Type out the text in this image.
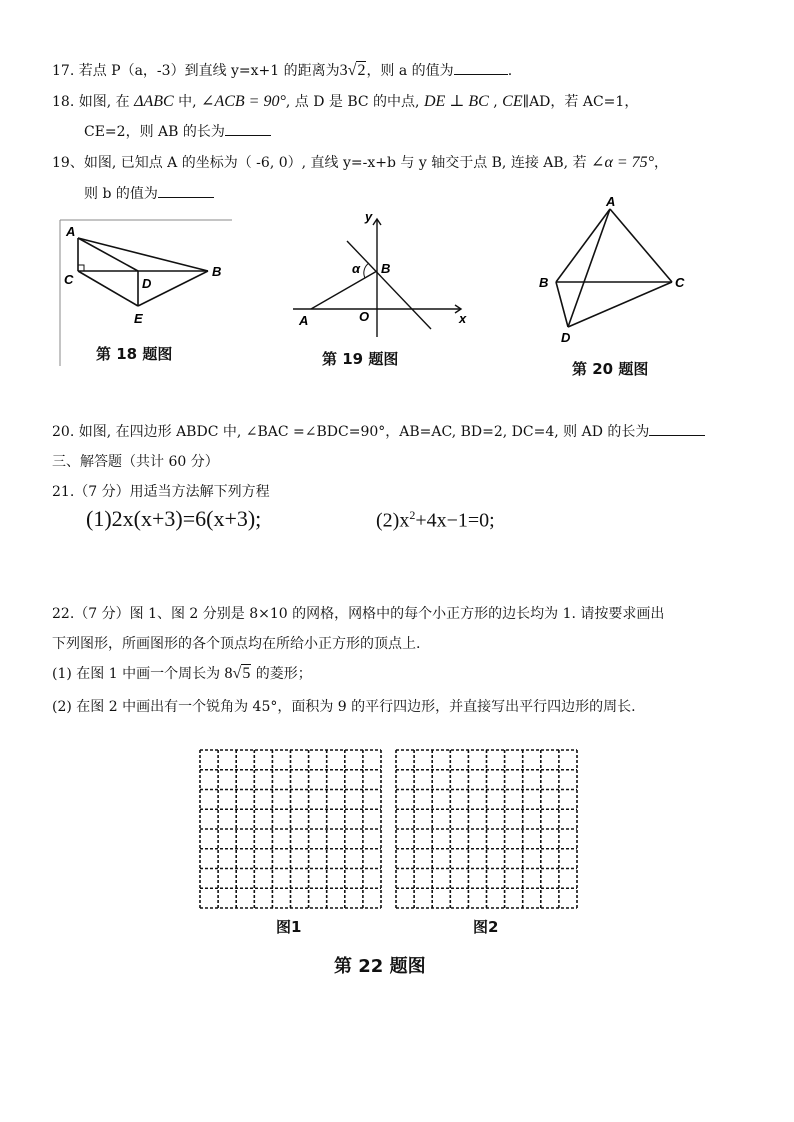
17. 若点 P（a，-3）到直线 y=x+1 的距离为3√2，则 a 的值为	.
18. 如图, 在 ΔABC 中, ∠ACB = 90°, 点 D 是 BC 的中点, DE ⊥ BC , CE∥AD，若 AC=1，
CE=2，则 AB 的长为
19、如图, 已知点 A 的坐标为（ -6, 0）, 直线 y=-x+b 与 y 轴交于点 B, 连接 AB, 若 ∠α = 75°，
则 b 的值为
A
C	D
B
E
第 18 题图
y
x
A	O
B
α
第 19 题图
A
B	C
D
第 20 题图
20. 如图, 在四边形 ABDC 中, ∠BAC =∠BDC=90°，AB=AC, BD=2, DC=4, 则 AD 的长为
三、解答题（共计 60 分）
21.（7 分）用适当方法解下列方程
(1)2x(x+3)=6(x+3);	$(2)x^2+4x-1=0$;
22.（7 分）图 1、图 2 分别是 8×10 的网格，网格中的每个小正方形的边长均为 1. 请按要求画出
下列图形，所画图形的各个顶点均在所给小正方形的顶点上.
(1) 在图 1 中画一个周长为 8√5 的菱形；
(2) 在图 2 中画出有一个锐角为 45°，面积为 9 的平行四边形，并直接写出平行四边形的周长.
图1	图2
第 22 题图
